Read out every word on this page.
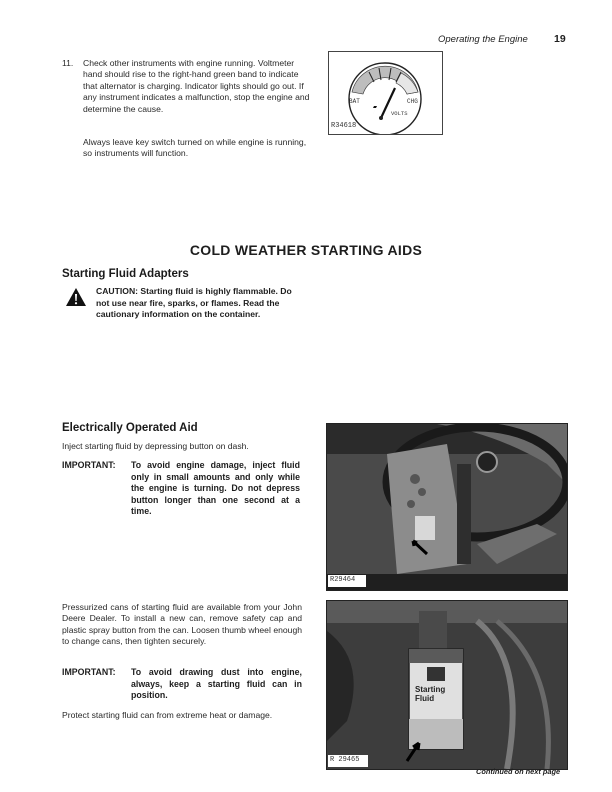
Operating the Engine 19
11. Check other instruments with engine running. Voltmeter hand should rise to the right-hand green band to indicate that alternator is charging. Indicator lights should go out. If any instrument indicates a malfunction, stop the engine and determine the cause.
Always leave key switch turned on while engine is running, so instruments will function.
R34618
BAT	CHG
VOLTS
COLD WEATHER STARTING AIDS
Starting Fluid Adapters
CAUTION: Starting fluid is highly flammable. Do not use near fire, sparks, or flames. Read the cautionary information on the container.
Electrically Operated Aid
Inject starting fluid by depressing button on dash.
IMPORTANT: To avoid engine damage, inject fluid only in small amounts and only while the engine is turning. Do not depress button longer than one second at a time.
R29464
Pressurized cans of starting fluid are available from your John Deere Dealer. To install a new can, remove safety cap and plastic spray button from the can. Loosen thumb wheel enough to change cans, then tighten securely.
IMPORTANT: To avoid drawing dust into engine, always, keep a starting fluid can in position.
Protect starting fluid can from extreme heat or damage.
Starting Fluid
R 29465
Continued on next page
